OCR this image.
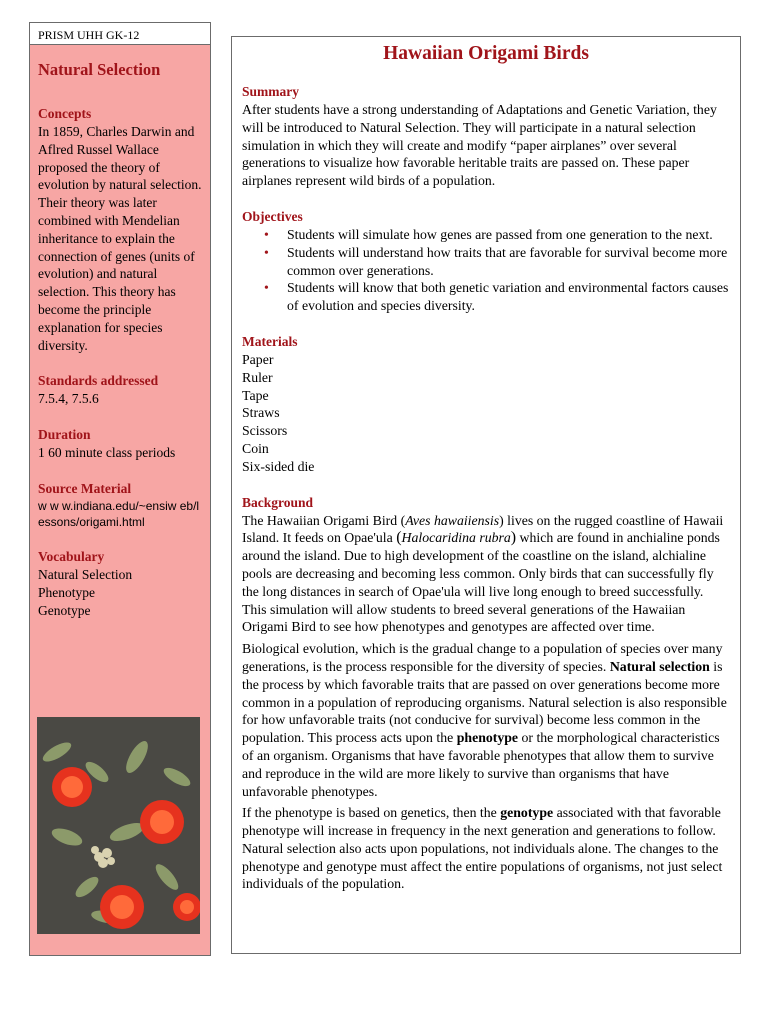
PRISM UHH GK-12
Natural Selection
Concepts
In 1859, Charles Darwin and Aflred Russel Wallace proposed the theory of evolution by natural selection. Their theory was later combined with Mendelian inheritance to explain the connection of genes (units of evolution) and natural selection. This theory has become the principle explanation for species diversity.
Standards addressed
7.5.4, 7.5.6
Duration
1 60 minute class periods
Source Material
w w w.indiana.edu/~ensiw eb/lessons/origami.html
Vocabulary
Natural Selection
Phenotype
Genotype
Hawaiian Origami Birds
Summary
After students have a strong understanding of Adaptations and Genetic Variation, they will be introduced to Natural Selection. They will participate in a natural selection simulation in which they will create and modify “paper airplanes” over several generations to visualize how favorable heritable traits are passed on. These paper airplanes represent wild birds of a population.
Objectives
• Students will simulate how genes are passed from one generation to the next.
• Students will understand how traits that are favorable for survival become more common over generations.
• Students will know that both genetic variation and environmental factors causes of evolution and species diversity.
Materials
Paper
Ruler
Tape
Straws
Scissors
Coin
Six-sided die
Background

The Hawaiian Origami Bird (Aves hawaiiensis) lives on the rugged coastline of Hawaii Island. It feeds on Opae'ula (Halocaridina rubra) which are found in anchialine ponds around the island. Due to high development of the coastline on the island, alchialine pools are decreasing and becoming less common. Only birds that can successfully fly the long distances in search of Opae'ula will live long enough to breed successfully. This simulation will allow students to breed several generations of the Hawaiian Origami Bird to see how phenotypes and genotypes are affected over time.

Biological evolution, which is the gradual change to a population of species over many generations, is the process responsible for the diversity of species. Natural selection is the process by which favorable traits that are passed on over generations become more common in a population of reproducing organisms. Natural selection is also responsible for how unfavorable traits (not conducive for survival) become less common in the population. This process acts upon the phenotype or the morphological characteristics of an organism. Organisms that have favorable phenotypes that allow them to survive and reproduce in the wild are more likely to survive than organisms that have unfavorable phenotypes.

If the phenotype is based on genetics, then the genotype associated with that favorable phenotype will increase in frequency in the next generation and generations to follow. Natural selection also acts upon populations, not individuals alone. The changes to the phenotype and genotype must affect the entire populations of organisms, not just select individuals of the population.
